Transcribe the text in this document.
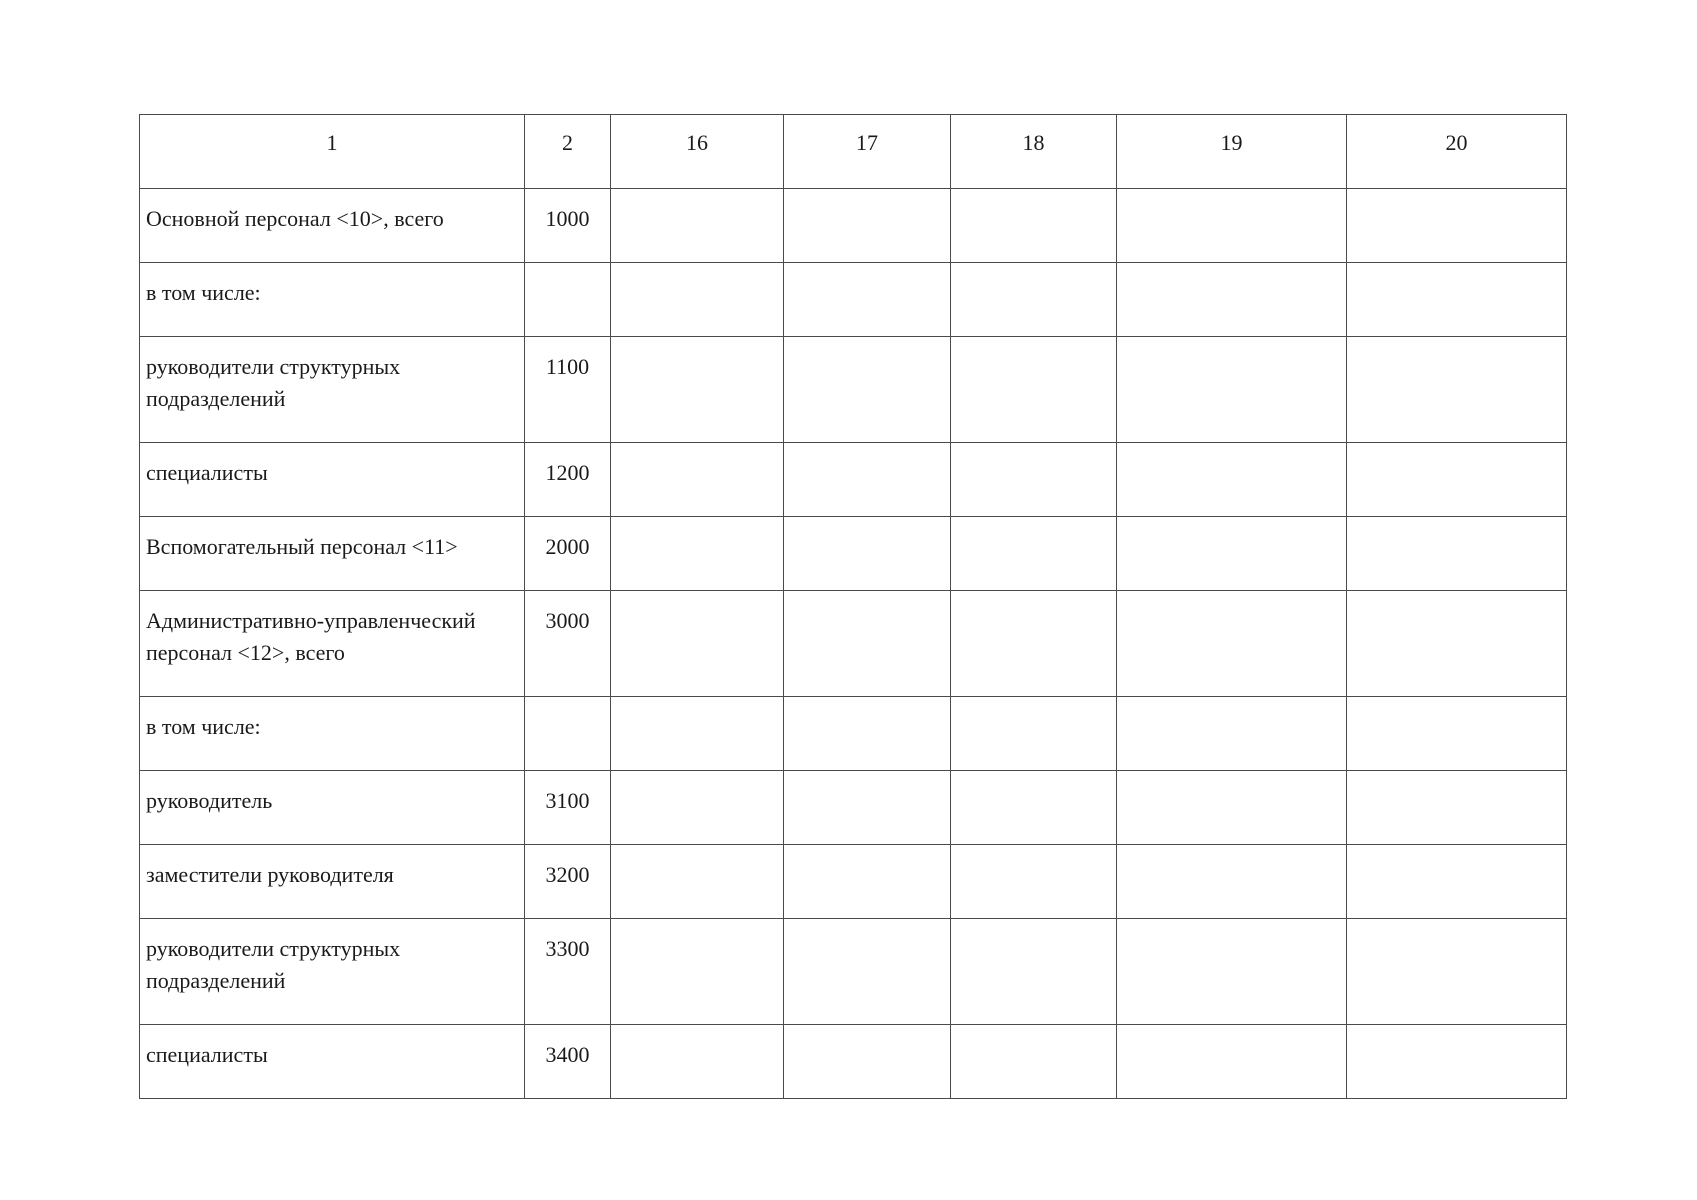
1	2	16	17	18	19	20
Основной персонал <10>, всего	1000					
в том числе:						
руководители структурных подразделений	1100					
специалисты	1200					
Вспомогательный персонал <11>	2000					
Административно-управленческий персонал <12>, всего	3000					
в том числе:						
руководитель	3100					
заместители руководителя	3200					
руководители структурных подразделений	3300					
специалисты	3400					
